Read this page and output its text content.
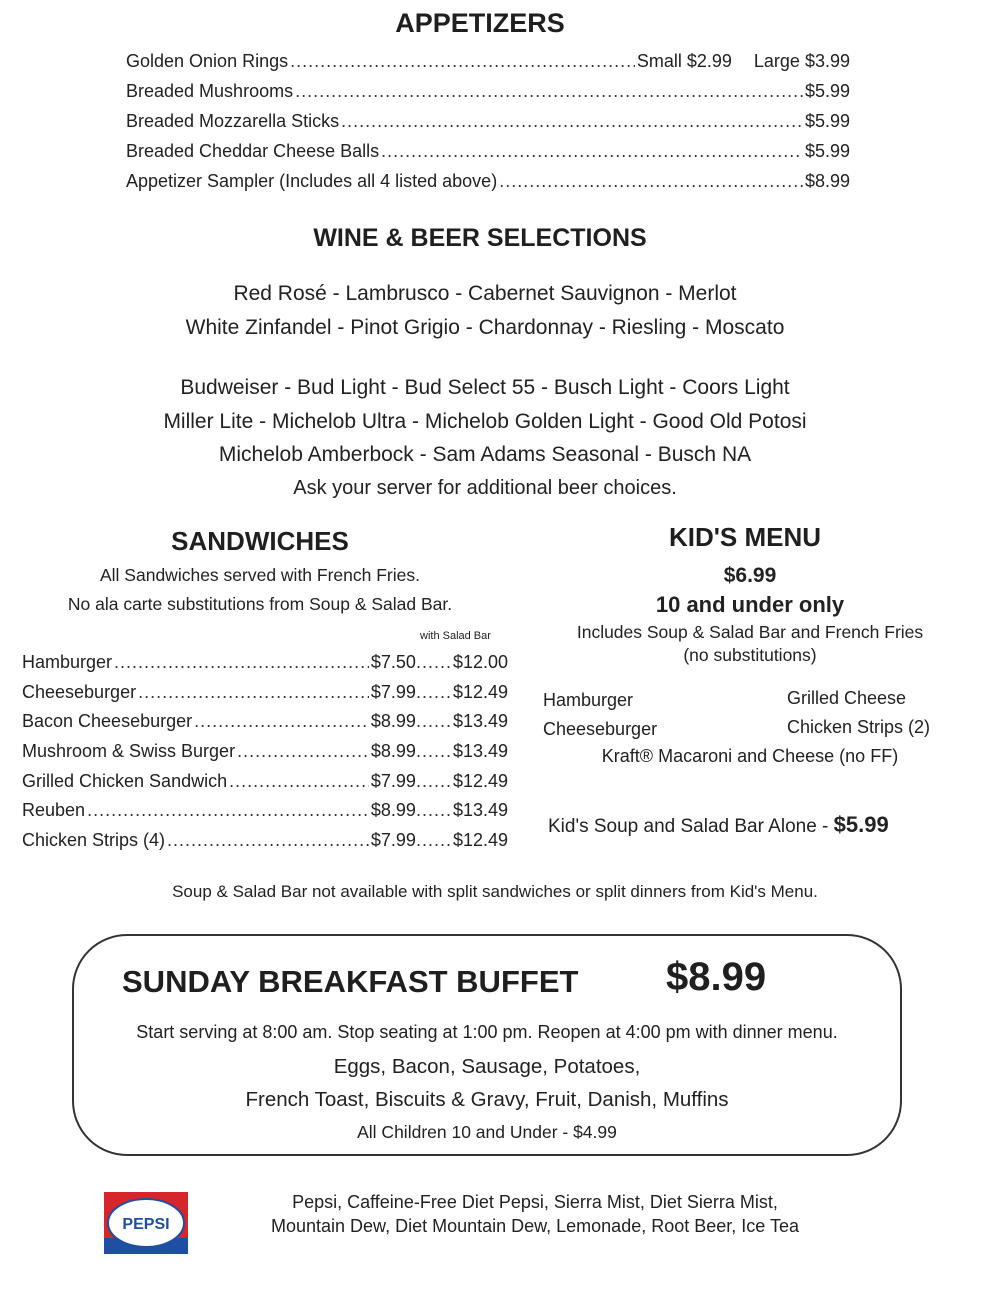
APPETIZERS
Golden Onion Rings .....	Small $2.99 Large $3.99
Breaded Mushrooms .....	$5.99
Breaded Mozzarella Sticks .....	$5.99
Breaded Cheddar Cheese Balls .....	$5.99
Appetizer Sampler (Includes all 4 listed above) .....	$8.99
WINE & BEER SELECTIONS
Red Rosé - Lambrusco - Cabernet Sauvignon - Merlot
White Zinfandel - Pinot Grigio - Chardonnay - Riesling - Moscato
Budweiser - Bud Light - Bud Select 55 - Busch Light - Coors Light
Miller Lite - Michelob Ultra - Michelob Golden Light - Good Old Potosi
Michelob Amberbock - Sam Adams Seasonal - Busch NA
Ask your server for additional beer choices.
SANDWICHES
All Sandwiches served with French Fries.
No ala carte substitutions from Soup & Salad Bar.
with Salad Bar
Hamburger .....	$7.50 ..... $12.00
Cheeseburger .....	$7.99 ..... $12.49
Bacon Cheeseburger .....	$8.99 ..... $13.49
Mushroom & Swiss Burger .....	$8.99 ..... $13.49
Grilled Chicken Sandwich .....	$7.99 ..... $12.49
Reuben .....	$8.99 ..... $13.49
Chicken Strips (4) .....	$7.99 ..... $12.49
KID'S MENU
$6.99
10 and under only
Includes Soup & Salad Bar and French Fries
(no substitutions)
Hamburger	Grilled Cheese
Cheeseburger	Chicken Strips (2)
Kraft® Macaroni and Cheese (no FF)
Kid's Soup and Salad Bar Alone - $5.99
Soup & Salad Bar not available with split sandwiches or split dinners from Kid's Menu.
SUNDAY BREAKFAST BUFFET $8.99
Start serving at 8:00 am. Stop seating at 1:00 pm. Reopen at 4:00 pm with dinner menu.
Eggs, Bacon, Sausage, Potatoes,
French Toast, Biscuits & Gravy, Fruit, Danish, Muffins
All Children 10 and Under - $4.99
PEPSI
Pepsi, Caffeine-Free Diet Pepsi, Sierra Mist, Diet Sierra Mist,
Mountain Dew, Diet Mountain Dew, Lemonade, Root Beer, Ice Tea
